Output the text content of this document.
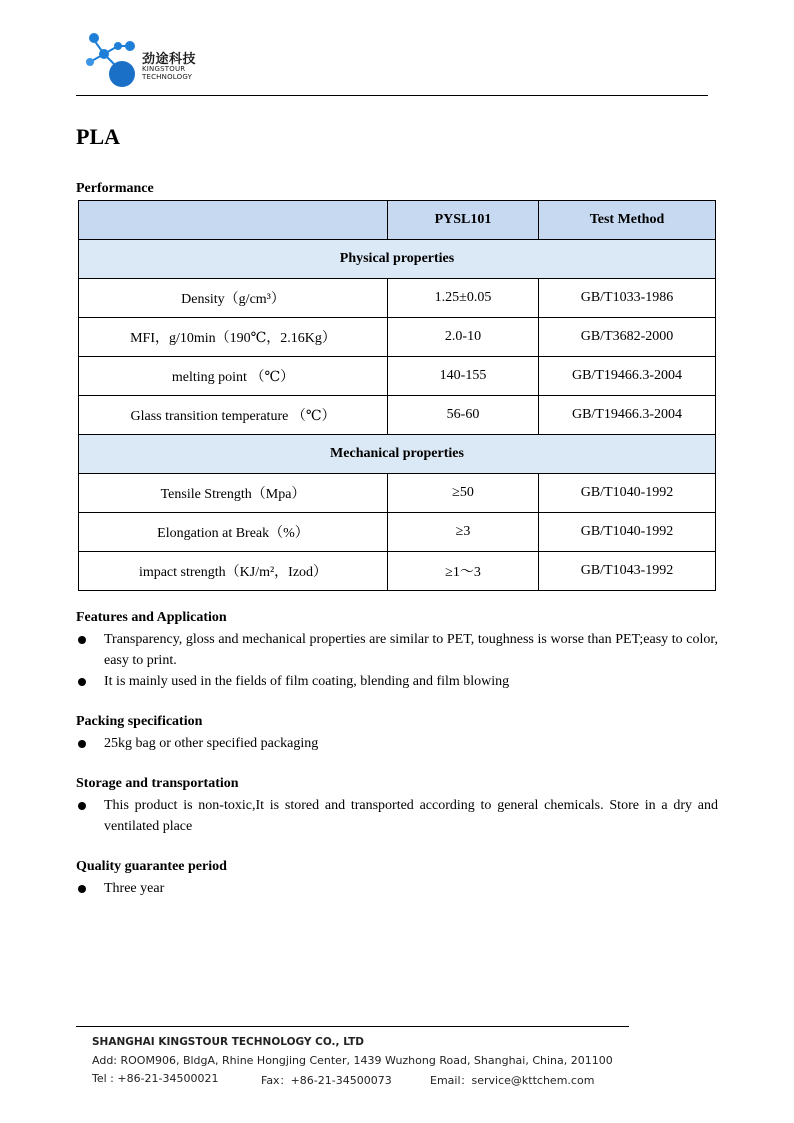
劲途科技
KINGSTOUR
TECHNOLOGY
PLA
Performance
	PYSL101	Test Method
Physical properties		
Density（g/cm³）	1.25±0.05	GB/T1033-1986
MFI，g/10min（190℃，2.16Kg）	2.0-10	GB/T3682-2000
melting point （℃）	140-155	GB/T19466.3-2004
Glass transition temperature （℃）	56-60	GB/T19466.3-2004
Mechanical properties		
Tensile Strength（Mpa）	≥50	GB/T1040-1992
Elongation at Break（%）	≥3	GB/T1040-1992
impact strength（KJ/m²，Izod）	≥1～3	GB/T1043-1992
Features and Application
Transparency, gloss and mechanical properties are similar to PET, toughness is worse than PET;easy to color, easy to print.
It is mainly used in the fields of film coating, blending and film blowing
Packing specification
25kg bag or other specified packaging
Storage and transportation
This product is non-toxic,It is stored and transported according to general chemicals. Store in a dry and ventilated place
Quality guarantee period
Three year
SHANGHAI KINGSTOUR TECHNOLOGY CO., LTD
Add: ROOM906, BldgA, Rhine Hongjing Center, 1439 Wuzhong Road, Shanghai, China, 201100
Tel : +86-21-34500021	Fax：+86-21-34500073	Email：service@kttchem.com
